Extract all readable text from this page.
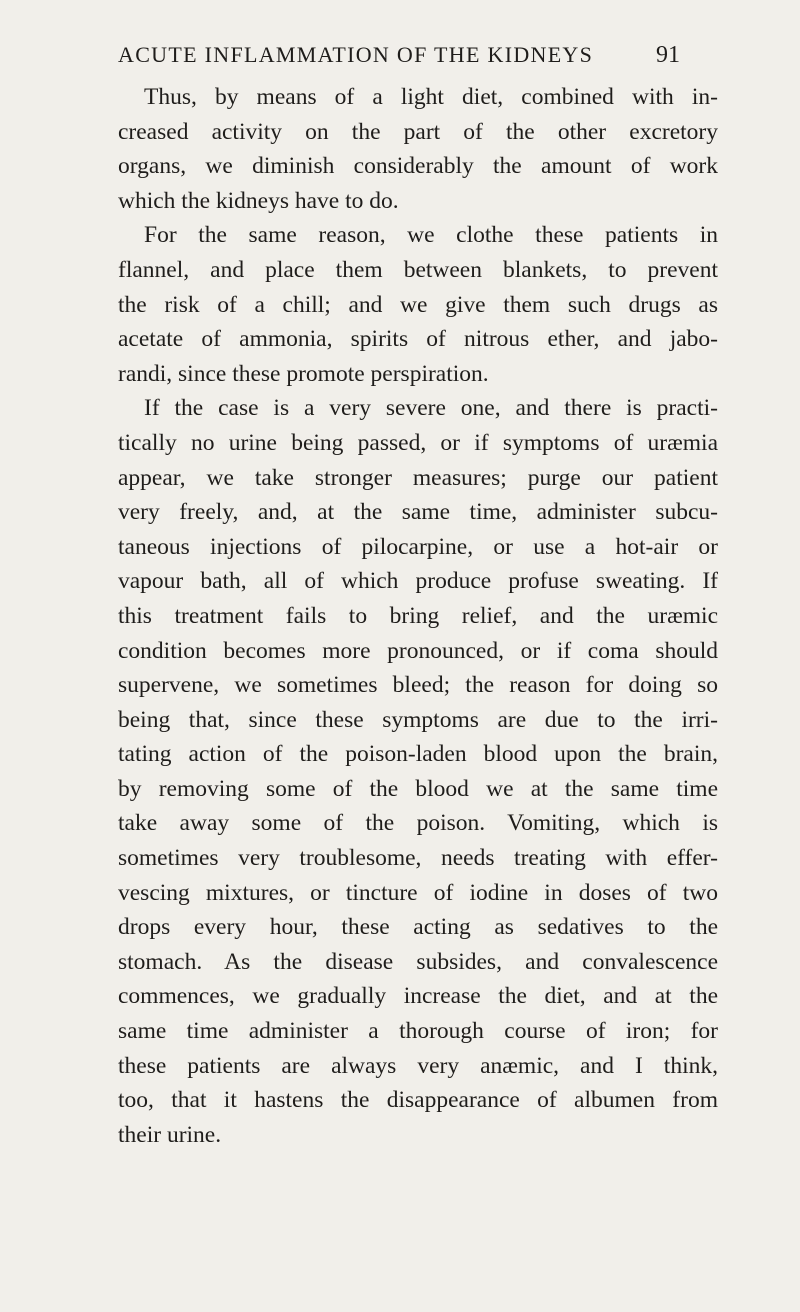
ACUTE INFLAMMATION OF THE KIDNEYS	91
Thus, by means of a light diet, combined with in-
creased activity on the part of the other excretory
organs, we diminish considerably the amount of work
which the kidneys have to do.
For the same reason, we clothe these patients in
flannel, and place them between blankets, to prevent
the risk of a chill; and we give them such drugs as
acetate of ammonia, spirits of nitrous ether, and jabo-
randi, since these promote perspiration.
If the case is a very severe one, and there is practi-
tically no urine being passed, or if symptoms of uræmia
appear, we take stronger measures; purge our patient
very freely, and, at the same time, administer subcu-
taneous injections of pilocarpine, or use a hot-air or
vapour bath, all of which produce profuse sweating. If
this treatment fails to bring relief, and the uræmic
condition becomes more pronounced, or if coma should
supervene, we sometimes bleed; the reason for doing so
being that, since these symptoms are due to the irri-
tating action of the poison-laden blood upon the brain,
by removing some of the blood we at the same time
take away some of the poison. Vomiting, which is
sometimes very troublesome, needs treating with effer-
vescing mixtures, or tincture of iodine in doses of two
drops every hour, these acting as sedatives to the
stomach. As the disease subsides, and convalescence
commences, we gradually increase the diet, and at the
same time administer a thorough course of iron; for
these patients are always very anæmic, and I think,
too, that it hastens the disappearance of albumen from
their urine.
